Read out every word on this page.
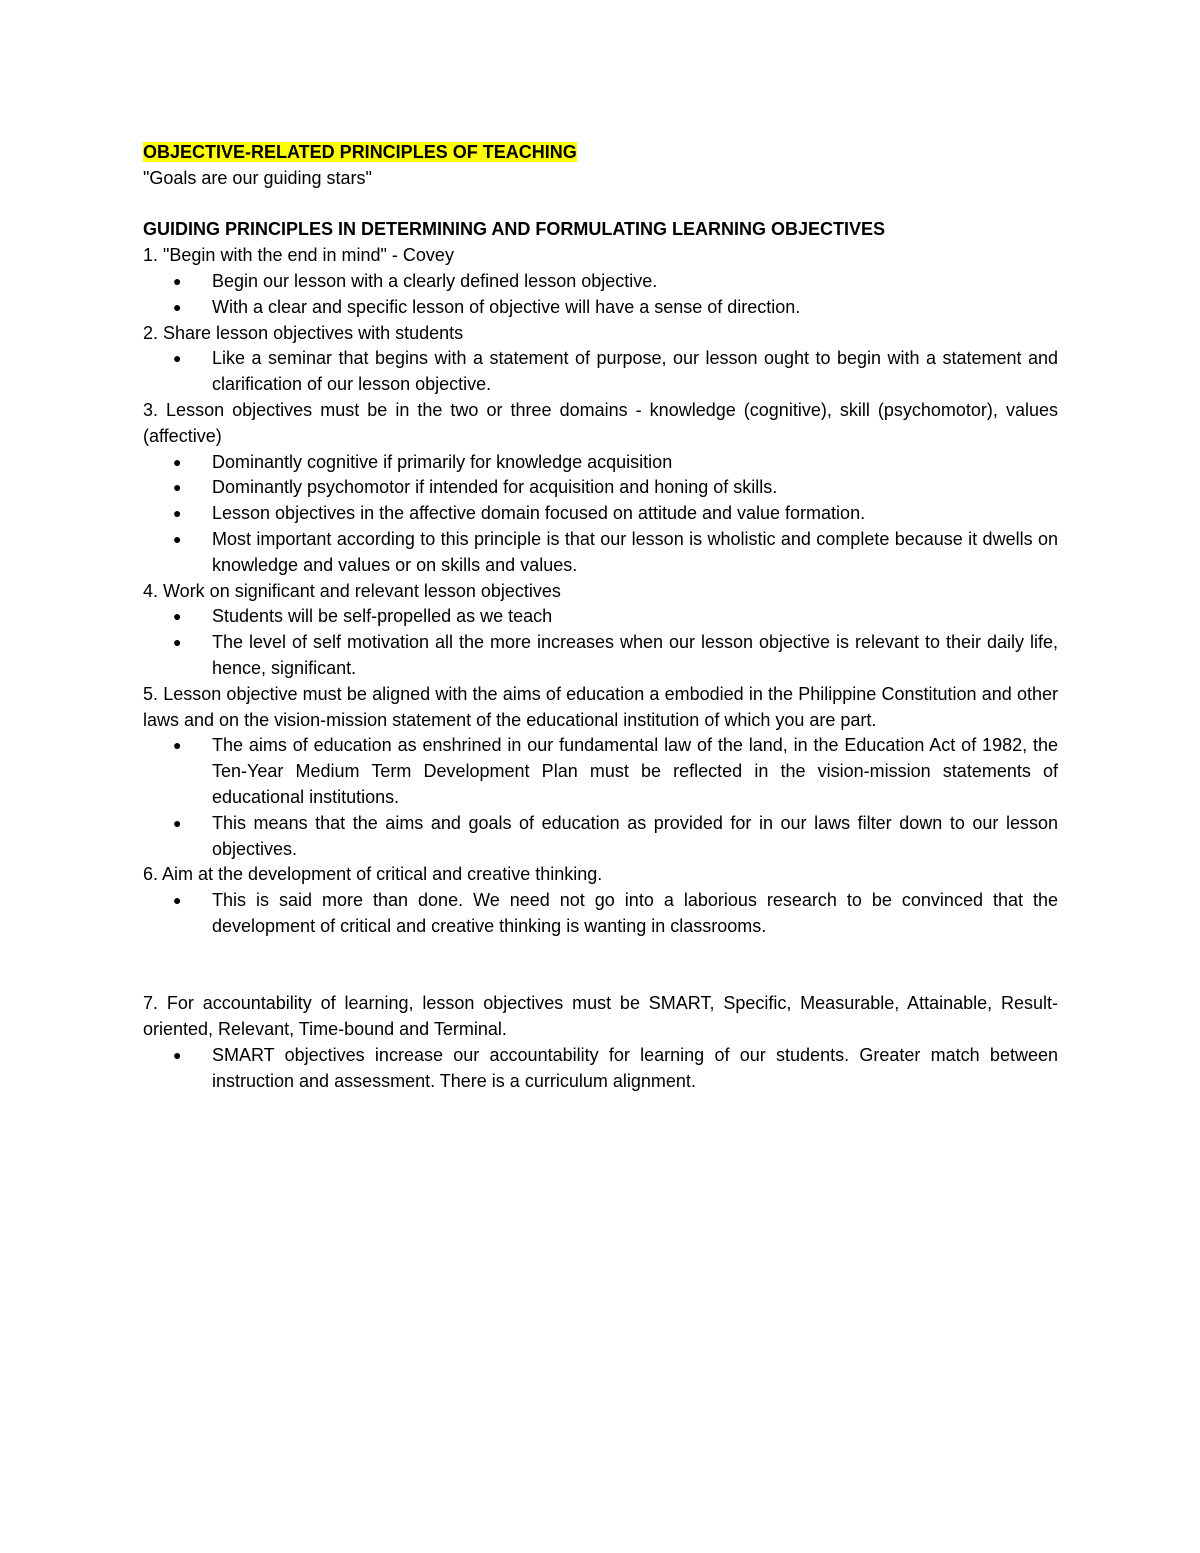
OBJECTIVE-RELATED PRINCIPLES OF TEACHING

"Goals are our guiding stars"

GUIDING PRINCIPLES IN DETERMINING AND FORMULATING LEARNING OBJECTIVES

1. "Begin with the end in mind" - Covey

● Begin our lesson with a clearly defined lesson objective.
● With a clear and specific lesson of objective will have a sense of direction.

2. Share lesson objectives with students

● Like a seminar that begins with a statement of purpose, our lesson ought to begin with a statement and clarification of our lesson objective.

3. Lesson objectives must be in the two or three domains - knowledge (cognitive), skill (psychomotor), values (affective)

● Dominantly cognitive if primarily for knowledge acquisition
● Dominantly psychomotor if intended for acquisition and honing of skills.
● Lesson objectives in the affective domain focused on attitude and value formation.
● Most important according to this principle is that our lesson is wholistic and complete because it dwells on knowledge and values or on skills and values.

4. Work on significant and relevant lesson objectives

● Students will be self-propelled as we teach
● The level of self motivation all the more increases when our lesson objective is relevant to their daily life, hence, significant.

5. Lesson objective must be aligned with the aims of education a embodied in the Philippine Constitution and other laws and on the vision-mission statement of the educational institution of which you are part.

● The aims of education as enshrined in our fundamental law of the land, in the Education Act of 1982, the Ten-Year Medium Term Development Plan must be reflected in the vision-mission statements of educational institutions.
● This means that the aims and goals of education as provided for in our laws filter down to our lesson objectives.

6. Aim at the development of critical and creative thinking.

● This is said more than done. We need not go into a laborious research to be convinced that the development of critical and creative thinking is wanting in classrooms.

7. For accountability of learning, lesson objectives must be SMART, Specific, Measurable, Attainable, Result-oriented, Relevant, Time-bound and Terminal.

● SMART objectives increase our accountability for learning of our students. Greater match between instruction and assessment. There is a curriculum alignment.
